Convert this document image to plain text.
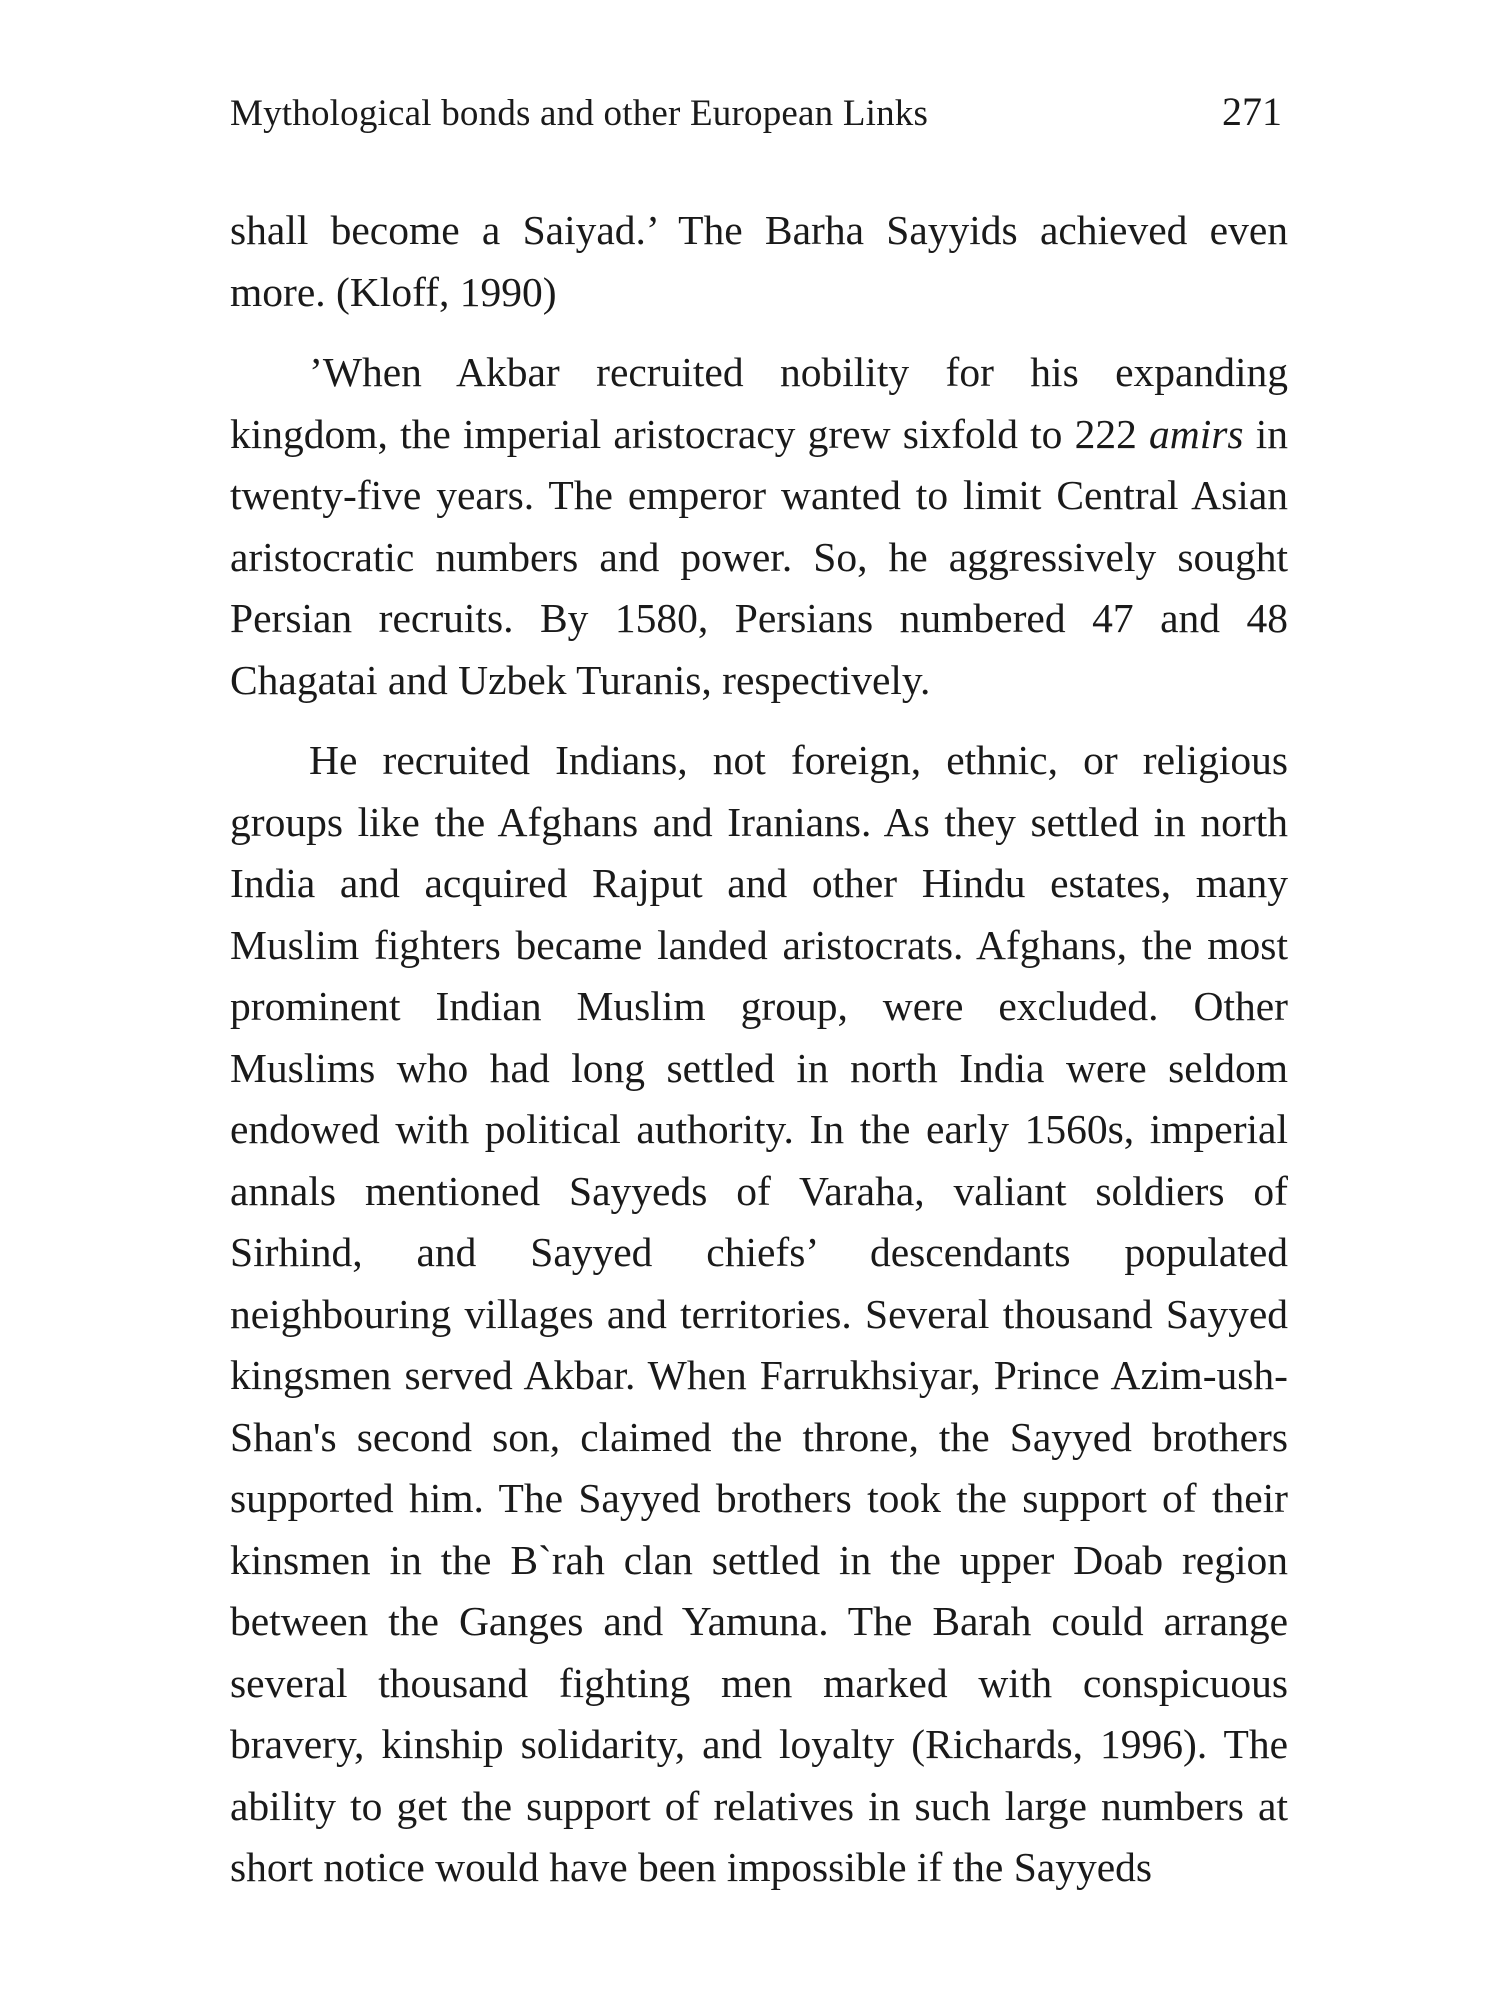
Mythological bonds and other European Links	271

shall become a Saiyad.’ The Barha Sayyids achieved even more. (Kloff, 1990)

’When Akbar recruited nobility for his expanding kingdom, the imperial aristocracy grew sixfold to 222 amirs in twenty-five years. The emperor wanted to limit Central Asian aristocratic numbers and power. So, he aggressively sought Persian recruits. By 1580, Persians numbered 47 and 48 Chagatai and Uzbek Turanis, respectively.

He recruited Indians, not foreign, ethnic, or religious groups like the Afghans and Iranians. As they settled in north India and acquired Rajput and other Hindu estates, many Muslim fighters became landed aristocrats. Afghans, the most prominent Indian Muslim group, were excluded. Other Muslims who had long settled in north India were seldom endowed with political authority. In the early 1560s, imperial annals mentioned Sayyeds of Varaha, valiant soldiers of Sirhind, and Sayyed chiefs’ descendants populated neighbouring villages and territories. Several thousand Sayyed kingsmen served Akbar. When Farrukhsiyar, Prince Azim-ush-Shan's second son, claimed the throne, the Sayyed brothers supported him. The Sayyed brothers took the support of their kinsmen in the B`rah clan settled in the upper Doab region between the Ganges and Yamuna. The Barah could arrange several thousand fighting men marked with conspicuous bravery, kinship solidarity, and loyalty (Richards, 1996). The ability to get the support of relatives in such large numbers at short notice would have been impossible if the Sayyeds
